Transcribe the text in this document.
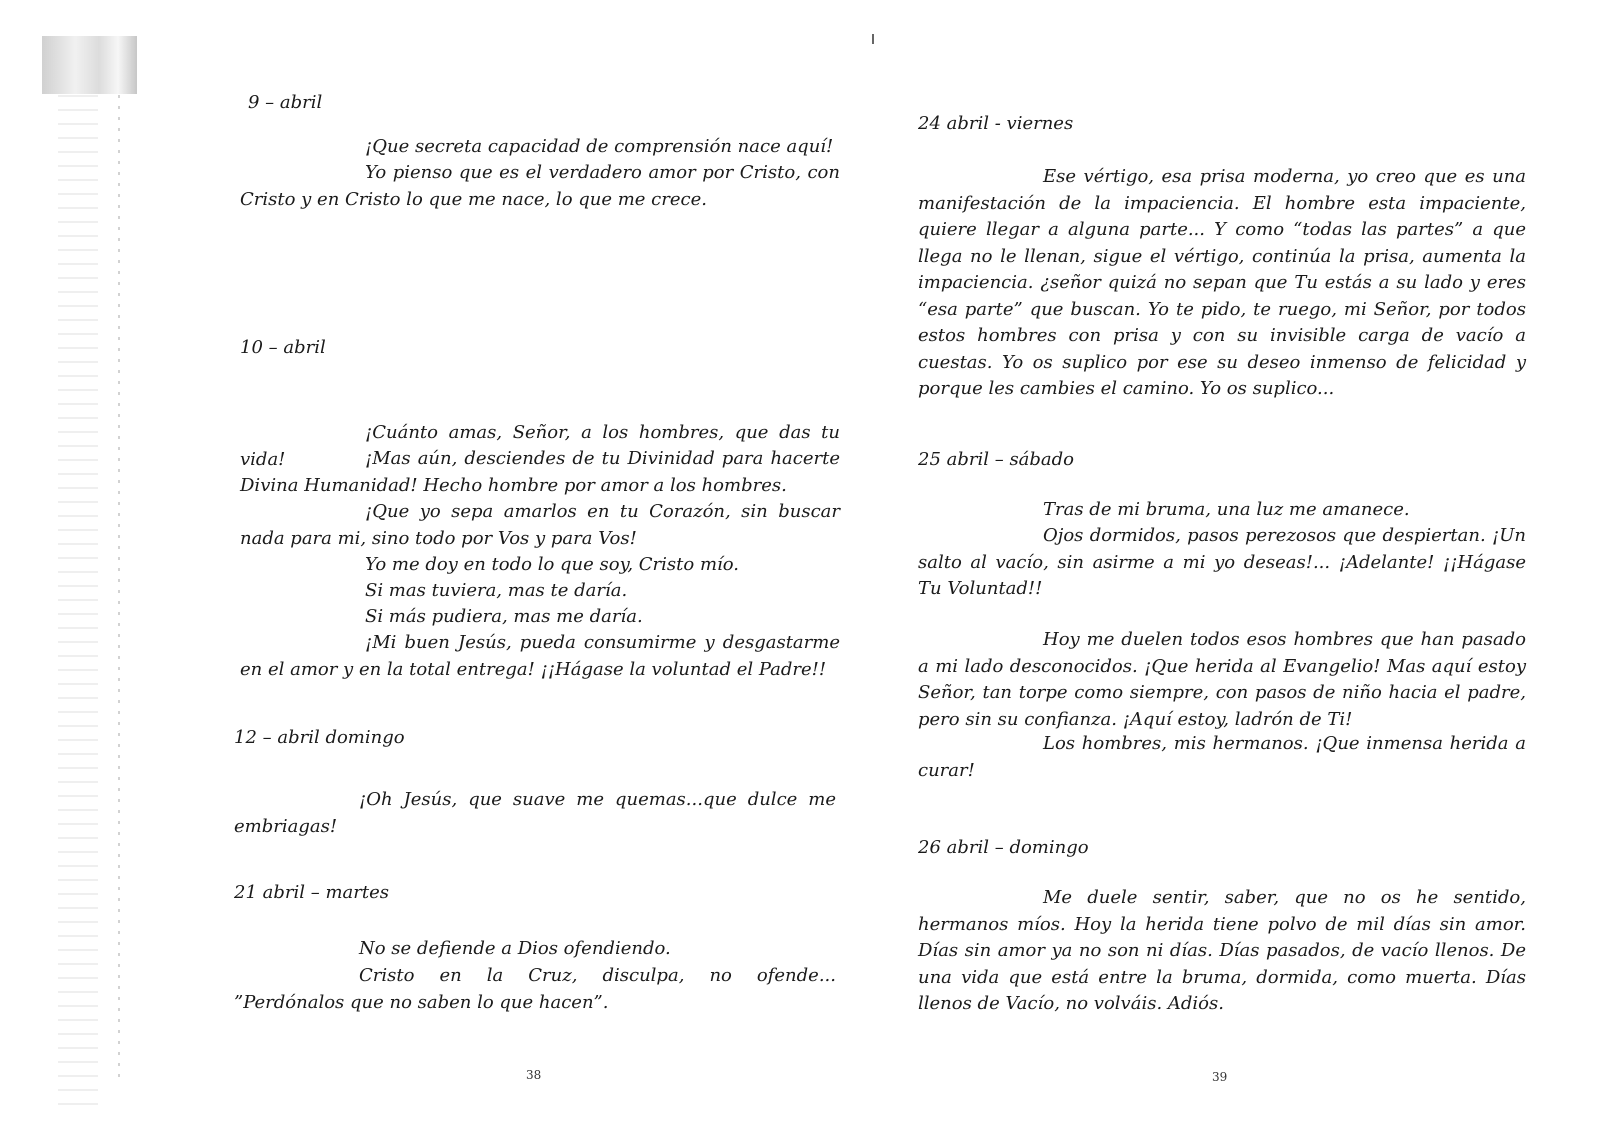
9 – abril
¡Que secreta capacidad de comprensión nace aquí!
Yo pienso que es el verdadero amor por Cristo, con Cristo y en Cristo lo que me nace, lo que me crece.
10 – abril
¡Cuánto amas, Señor, a los hombres, que das tu vida!	¡Mas aún, desciendes de tu Divinidad para hacerte Divina Humanidad! Hecho hombre por amor a los hombres.
¡Que yo sepa amarlos en tu Corazón, sin buscar nada para mi, sino todo por Vos y para Vos!
Yo me doy en todo lo que soy, Cristo mío.
Si mas tuviera, mas te daría.
Si más pudiera, mas me daría.
¡Mi buen Jesús, pueda consumirme y desgastarme en el amor y en la total entrega! ¡¡Hágase la voluntad el Padre!!
12 – abril domingo
¡Oh Jesús, que suave me quemas...que dulce me embriagas!
21 abril – martes
No se defiende a Dios ofendiendo.
Cristo en la Cruz, disculpa, no ofende... ”Perdónalos que no saben lo que hacen”.
38
24 abril - viernes
Ese vértigo, esa prisa moderna, yo creo que es una manifestación de la impaciencia. El hombre esta impaciente, quiere llegar a alguna parte... Y como “todas las partes” a que llega no le llenan, sigue el vértigo, continúa la prisa, aumenta la impaciencia. ¿señor quizá no sepan que Tu estás a su lado y eres “esa parte” que buscan. Yo te pido, te ruego, mi Señor, por todos estos hombres con prisa y con su invisible carga de vacío a cuestas. Yo os suplico por ese su deseo inmenso de felicidad y porque les cambies el camino. Yo os suplico...
25 abril – sábado
Tras de mi bruma, una luz me amanece.
Ojos dormidos, pasos perezosos que despiertan. ¡Un salto al vacío, sin asirme a mi yo deseas!... ¡Adelante! ¡¡Hágase Tu Voluntad!!
Hoy me duelen todos esos hombres que han pasado a mi lado desconocidos. ¡Que herida al Evangelio! Mas aquí estoy Señor, tan torpe como siempre, con pasos de niño hacia el padre, pero sin su confianza. ¡Aquí estoy, ladrón de Ti!
Los hombres, mis hermanos. ¡Que inmensa herida a curar!
26 abril – domingo
Me duele sentir, saber, que no os he sentido, hermanos míos. Hoy la herida tiene polvo de mil días sin amor. Días sin amor ya no son ni días. Días pasados, de vacío llenos. De una vida que está entre la bruma, dormida, como muerta. Días llenos de Vacío, no volváis. Adiós.
39
